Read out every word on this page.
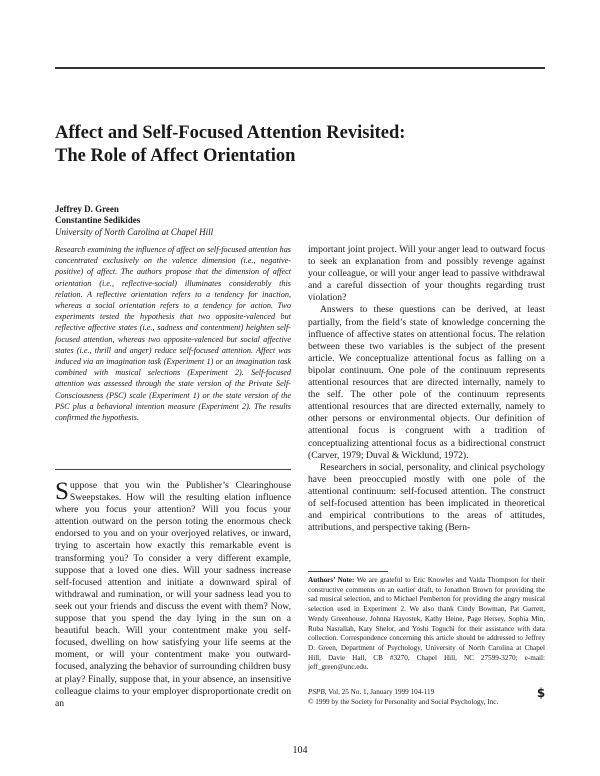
Affect and Self-Focused Attention Revisited:
The Role of Affect Orientation
Jeffrey D. Green
Constantine Sedikides
University of North Carolina at Chapel Hill
Research examining the influence of affect on self-focused attention has concentrated exclusively on the valence dimension (i.e., negative-positive) of affect. The authors propose that the dimension of affect orientation (i.e., reflective-social) illuminates considerably this relation. A reflective orientation refers to a tendency for inaction, whereas a social orientation refers to a tendency for action. Two experiments tested the hypothesis that two opposite-valenced but reflective affective states (i.e., sadness and contentment) heighten self-focused attention, whereas two opposite-valenced but social affective states (i.e., thrill and anger) reduce self-focused attention. Affect was induced via an imagination task (Experiment 1) or an imagination task combined with musical selections (Experiment 2). Self-focused attention was assessed through the state version of the Private Self-Consciousness (PSC) scale (Experiment 1) or the state version of the PSC plus a behavioral intention measure (Experiment 2). The results confirmed the hypothesis.
Suppose that you win the Publisher’s Clearinghouse Sweepstakes. How will the resulting elation influence where you focus your attention? Will you focus your attention outward on the person toting the enormous check endorsed to you and on your overjoyed relatives, or inward, trying to ascertain how exactly this remarkable event is transforming you? To consider a very different example, suppose that a loved one dies. Will your sadness increase self-focused attention and initiate a downward spiral of withdrawal and rumination, or will your sadness lead you to seek out your friends and discuss the event with them? Now, suppose that you spend the day lying in the sun on a beautiful beach. Will your contentment make you self-focused, dwelling on how satisfying your life seems at the moment, or will your contentment make you outward-focused, analyzing the behavior of surrounding children busy at play? Finally, suppose that, in your absence, an insensitive colleague claims to your employer disproportionate credit on an

important joint project. Will your anger lead to outward focus to seek an explanation from and possibly revenge against your colleague, or will your anger lead to passive withdrawal and a careful dissection of your thoughts regarding trust violation?

Answers to these questions can be derived, at least partially, from the field’s state of knowledge concerning the influence of affective states on attentional focus. The relation between these two variables is the subject of the present article. We conceptualize attentional focus as falling on a bipolar continuum. One pole of the continuum represents attentional resources that are directed internally, namely to the self. The other pole of the continuum represents attentional resources that are directed externally, namely to other persons or environmental objects. Our definition of attentional focus is congruent with a tradition of conceptualizing attentional focus as a bidirectional construct (Carver, 1979; Duval & Wicklund, 1972).

Researchers in social, personality, and clinical psychology have been preoccupied mostly with one pole of the attentional continuum: self-focused attention. The construct of self-focused attention has been implicated in theoretical and empirical contributions to the areas of attitudes, attributions, and perspective taking (Bern-

Authors’ Note: We are grateful to Eric Knowles and Vaida Thompson for their constructive comments on an earlier draft, to Jonathon Brown for providing the sad musical selection, and to Michael Pemberton for providing the angry musical selection used in Experiment 2. We also thank Cindy Bowman, Pat Garrett, Wendy Greenhouse, Johnna Hayostek, Kathy Heine, Page Hersey, Sophia Min, Ruba Nasrallah, Katy Shelor, and Yoshi Toguchi for their assistance with data collection. Correspondence concerning this article should be addressed to Jeffrey D. Green, Department of Psychology, University of North Carolina at Chapel Hill, Davie Hall, CB #3270, Chapel Hill, NC 27599-3270; e-mail: jeff_green@unc.edu.
PSPB, Vol. 25 No. 1, January 1999 104-119
© 1999 by the Society for Personality and Social Psychology, Inc.
$
104
